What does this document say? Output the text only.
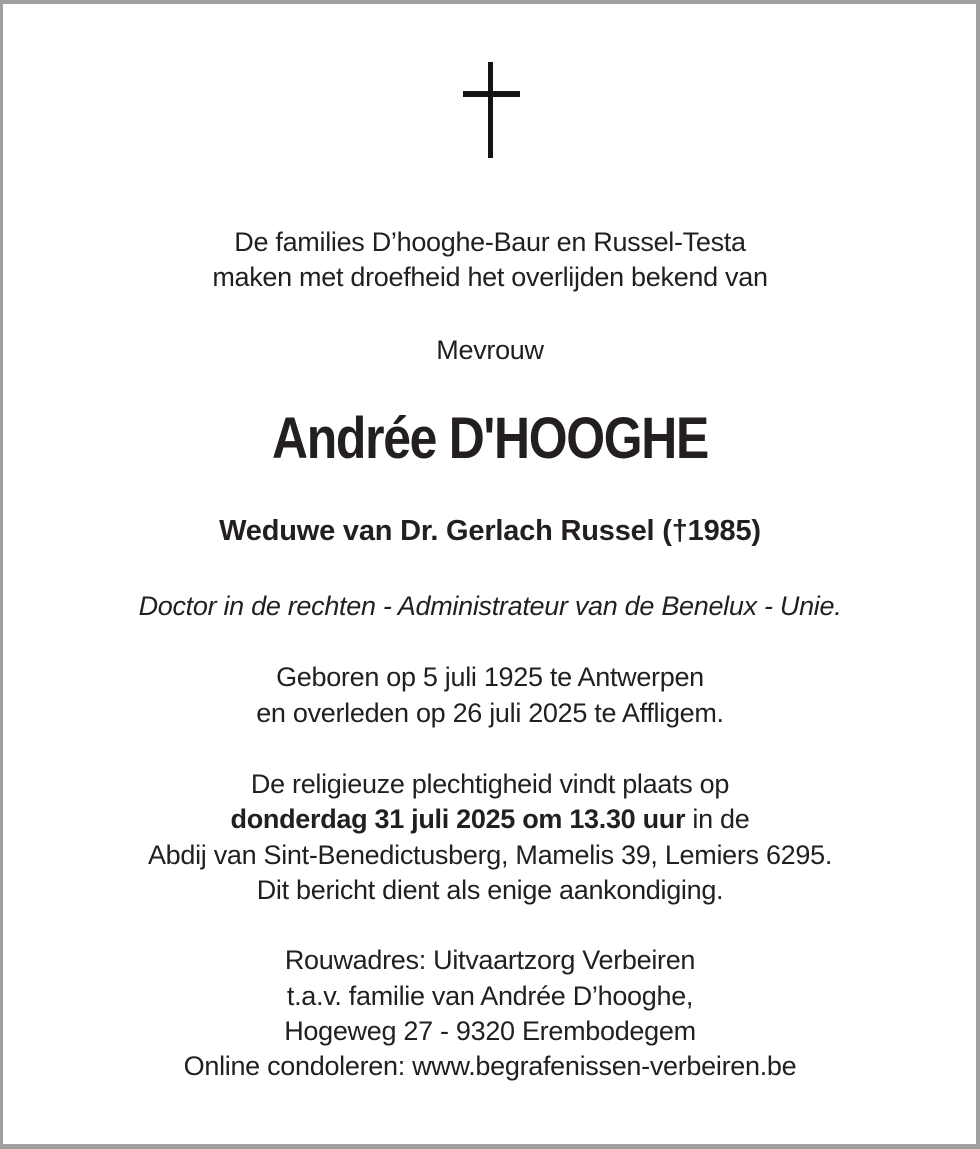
De families D’hooghe-Baur en Russel-Testa
maken met droefheid het overlijden bekend van
Mevrouw
Andrée D'HOOGHE
Weduwe van Dr. Gerlach Russel (†1985)
Doctor in de rechten - Administrateur van de Benelux - Unie.
Geboren op 5 juli 1925 te Antwerpen
en overleden op 26 juli 2025 te Affligem.
De religieuze plechtigheid vindt plaats op
donderdag 31 juli 2025 om 13.30 uur in de
Abdij van Sint-Benedictusberg, Mamelis 39, Lemiers 6295.
Dit bericht dient als enige aankondiging.
Rouwadres: Uitvaartzorg Verbeiren
t.a.v. familie van Andrée D’hooghe,
Hogeweg 27 - 9320 Erembodegem
Online condoleren: www.begrafenissen-verbeiren.be
